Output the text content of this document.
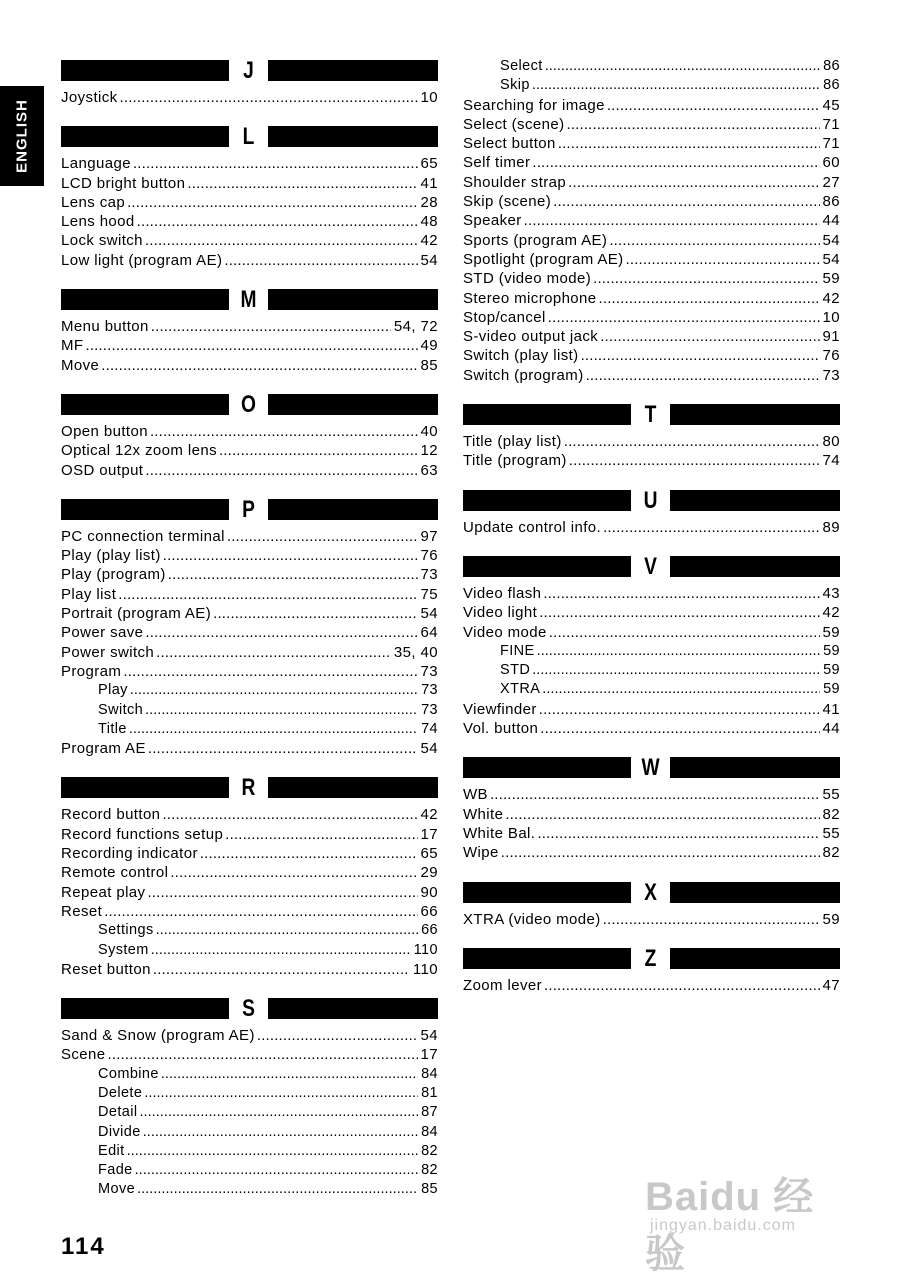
ENGLISH
J
Joystick . . .	10
L
Language . . .	65
LCD bright button . . .	41
Lens cap . . .	28
Lens hood . . .	48
Lock switch . . .	42
Low light (program AE) . . .	54
M
Menu button . . .	54, 72
MF . . .	49
Move . . .	85
O
Open button . . .	40
Optical 12x zoom lens . . .	12
OSD output . . .	63
P
PC connection terminal . . .	97
Play (play list) . . .	76
Play (program) . . .	73
Play list . . .	75
Portrait (program AE) . . .	54
Power save . . .	64
Power switch . . .	35, 40
Program . . .	73
Play . . .	73
Switch . . .	73
Title . . .	74
Program AE . . .	54
R
Record button . . .	42
Record functions setup . . .	17
Recording indicator . . .	65
Remote control . . .	29
Repeat play . . .	90
Reset . . .	66
Settings . . .	66
System . . .	110
Reset button . . .	110
S
Sand & Snow (program AE) . . .	54
Scene . . .	17
Combine . . .	84
Delete . . .	81
Detail . . .	87
Divide . . .	84
Edit . . .	82
Fade . . .	82
Move . . .	85
Select . . .	86
Skip . . .	86
Searching for image . . .	45
Select (scene) . . .	71
Select button . . .	71
Self timer . . .	60
Shoulder strap . . .	27
Skip (scene) . . .	86
Speaker . . .	44
Sports (program AE) . . .	54
Spotlight (program AE) . . .	54
STD (video mode) . . .	59
Stereo microphone . . .	42
Stop/cancel . . .	10
S-video output jack . . .	91
Switch (play list) . . .	76
Switch (program) . . .	73
T
Title (play list) . . .	80
Title (program) . . .	74
U
Update control info. . . .	89
V
Video flash . . .	43
Video light . . .	42
Video mode . . .	59
FINE . . .	59
STD . . .	59
XTRA . . .	59
Viewfinder . . .	41
Vol. button . . .	44
W
WB . . .	55
White . . .	82
White Bal. . . .	55
Wipe . . .	82
X
XTRA (video mode) . . .	59
Z
Zoom lever . . .	47
114
Baidu 经验
jingyan.baidu.com
